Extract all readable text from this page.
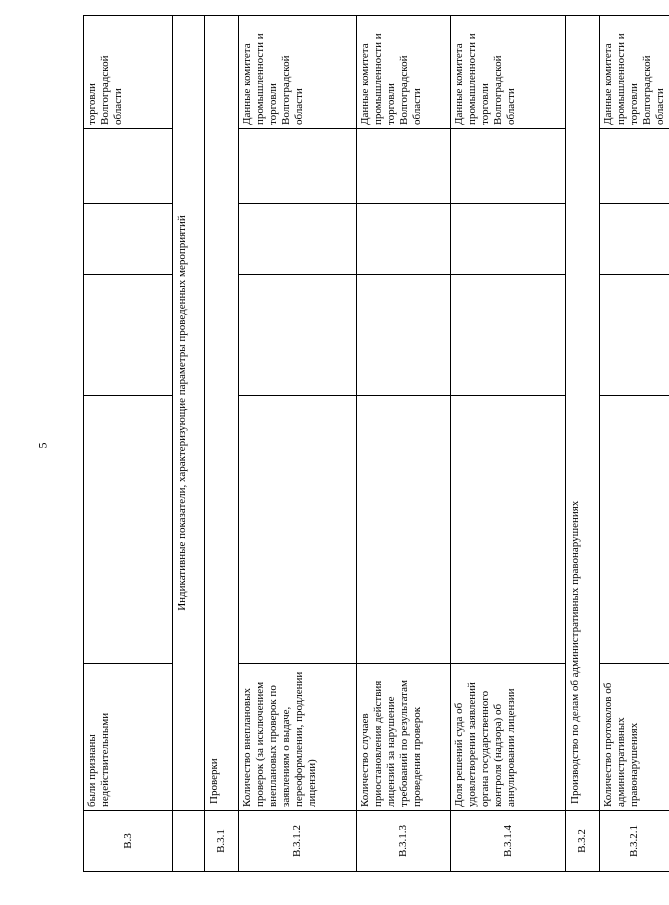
5
В.3	были признаны недействительными					торговли Волгоградской области
	Индикативные показатели, характеризующие параметры проведенных мероприятий					
В.3.1	Проверки					
В.3.1.2	Количество внеплановых проверок (за исключением внеплановых проверок по заявлениям о выдаче, переоформлении, продлении лицензии)					Данные комитета промышленности и торговли Волгоградской области
В.3.1.3	Количество случаев приостановления действия лицензий за нарушение требований по результатам проведения проверок					Данные комитета промышленности и торговли Волгоградской области
В.3.1.4	Доля решений суда об удовлетворении заявлений органа государственного контроля (надзора) об аннулировании лицензии					Данные комитета промышленности и торговли Волгоградской области
В.3.2	Производство по делам об административных правонарушениях					
В.3.2.1	Количество протоколов об административных правонарушениях					Данные комитета промышленности и торговли Волгоградской области
